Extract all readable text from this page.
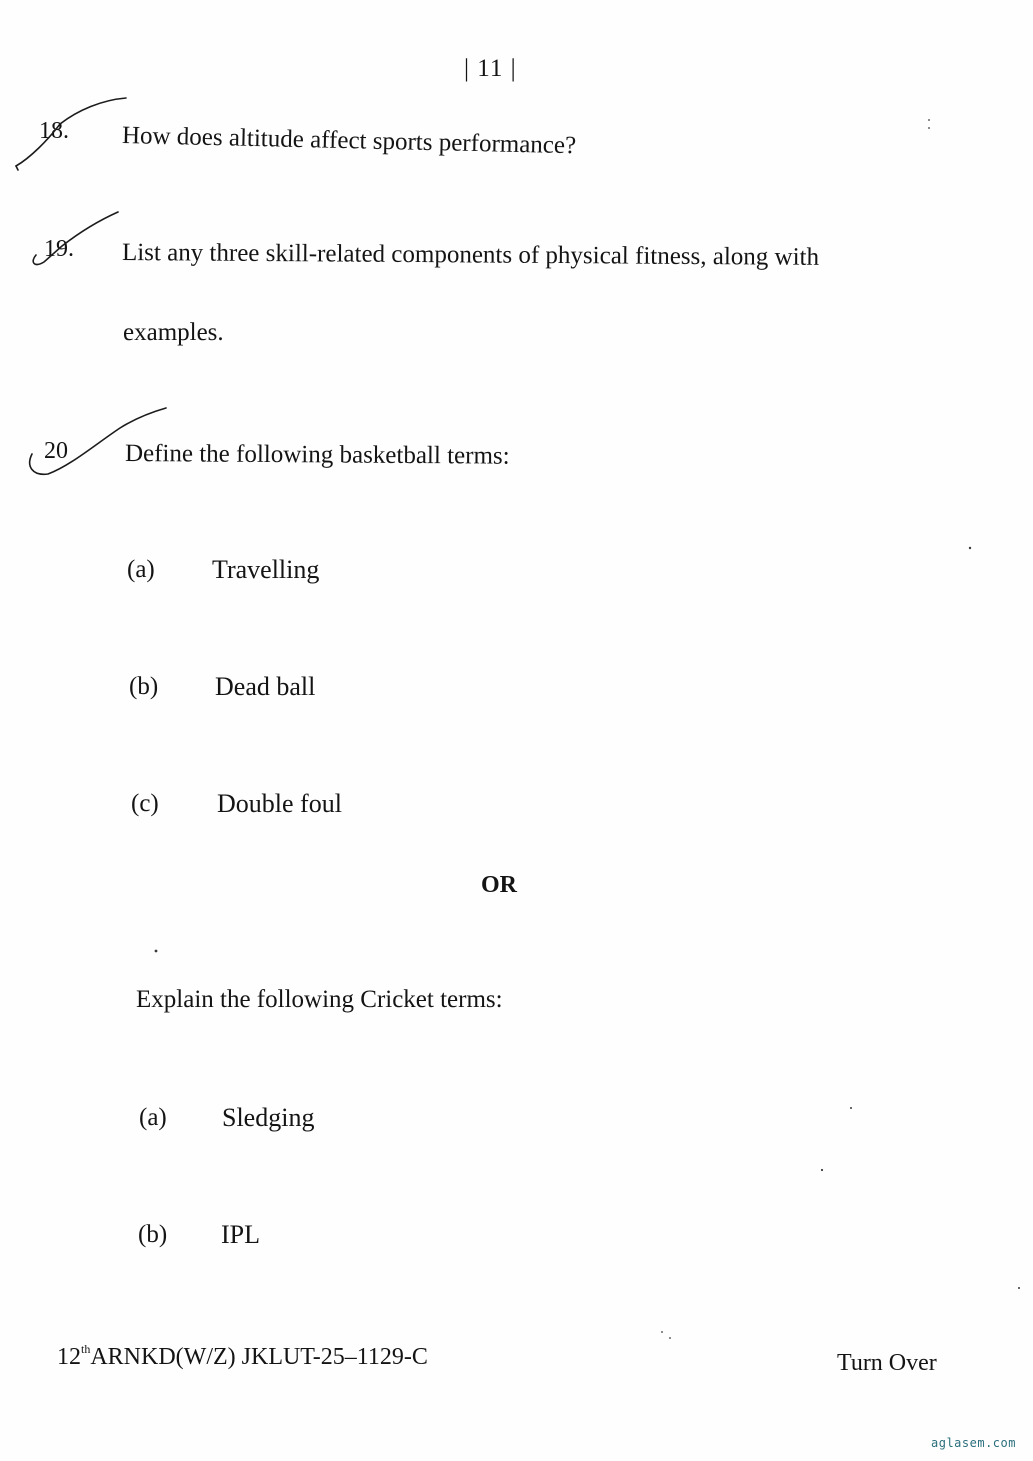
| 11 |
18. How does altitude affect sports performance?
19. List any three skill-related components of physical fitness, along with
examples.
20 Define the following basketball terms:
(a) Travelling
(b) Dead ball
(c) Double foul
OR
Explain the following Cricket terms:
(a) Sledging
(b) IPL
12thARNKD(W/Z) JKLUT-25–1129-C	Turn Over
aglasem.com
